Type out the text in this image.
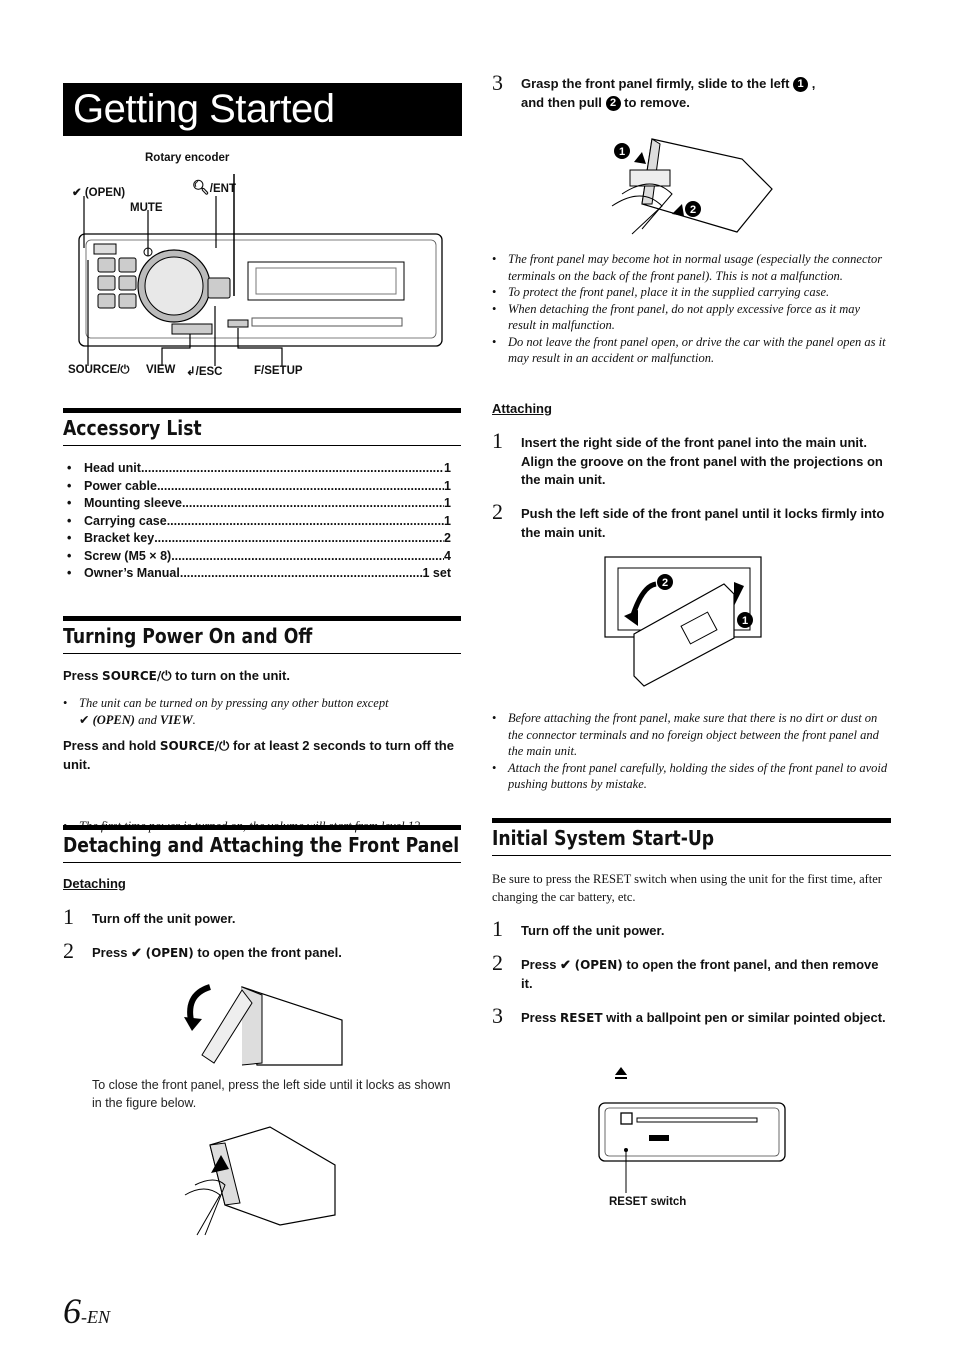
Getting Started
Rotary encoder
✔︎ (OPEN)	🔍︎/ENT
MUTE
SOURCE/⏻ VIEW ↲/ESC	F/SETUP
Accessory List
•	Head unit .....	1
•	Power cable .....	1
•	Mounting sleeve .....	1
•	Carrying case .....	1
•	Bracket key .....	2
•	Screw (M5 × 8) .....	4
•	Owner’s Manual .....	1 set
Turning Power On and Off
Press SOURCE/⏻ to turn on the unit.
• The unit can be turned on by pressing any other button except
✔︎ (OPEN) and VIEW.
Press and hold SOURCE/⏻ for at least 2 seconds to turn off the unit.
• The first time power is turned on, the volume will start from level 12.
Detaching and Attaching the Front Panel
Detaching
1 Turn off the unit power.
2 Press ✔︎ (OPEN) to open the front panel.
To close the front panel, press the left side until it locks as shown in the figure below.
6-EN
3 Grasp the front panel firmly, slide to the left 1 ,
and then pull 2 to remove.
1
2
• The front panel may become hot in normal usage (especially the connector terminals on the back of the front panel). This is not a malfunction.
• To protect the front panel, place it in the supplied carrying case.
• When detaching the front panel, do not apply excessive force as it may result in malfunction.
• Do not leave the front panel open, or drive the car with the panel open as it may result in an accident or malfunction.
Attaching
1 Insert the right side of the front panel into the main unit. Align the groove on the front panel with the projections on the main unit.
2 Push the left side of the front panel until it locks firmly into the main unit.
2
1
• Before attaching the front panel, make sure that there is no dirt or dust on the connector terminals and no foreign object between the front panel and the main unit.
• Attach the front panel carefully, holding the sides of the front panel to avoid pushing buttons by mistake.
Initial System Start-Up
Be sure to press the RESET switch when using the unit for the first time, after changing the car battery, etc.
1 Turn off the unit power.
2 Press ✔︎ (OPEN) to open the front panel, and then remove it.
3 Press RESET with a ballpoint pen or similar pointed object.
RESET switch
